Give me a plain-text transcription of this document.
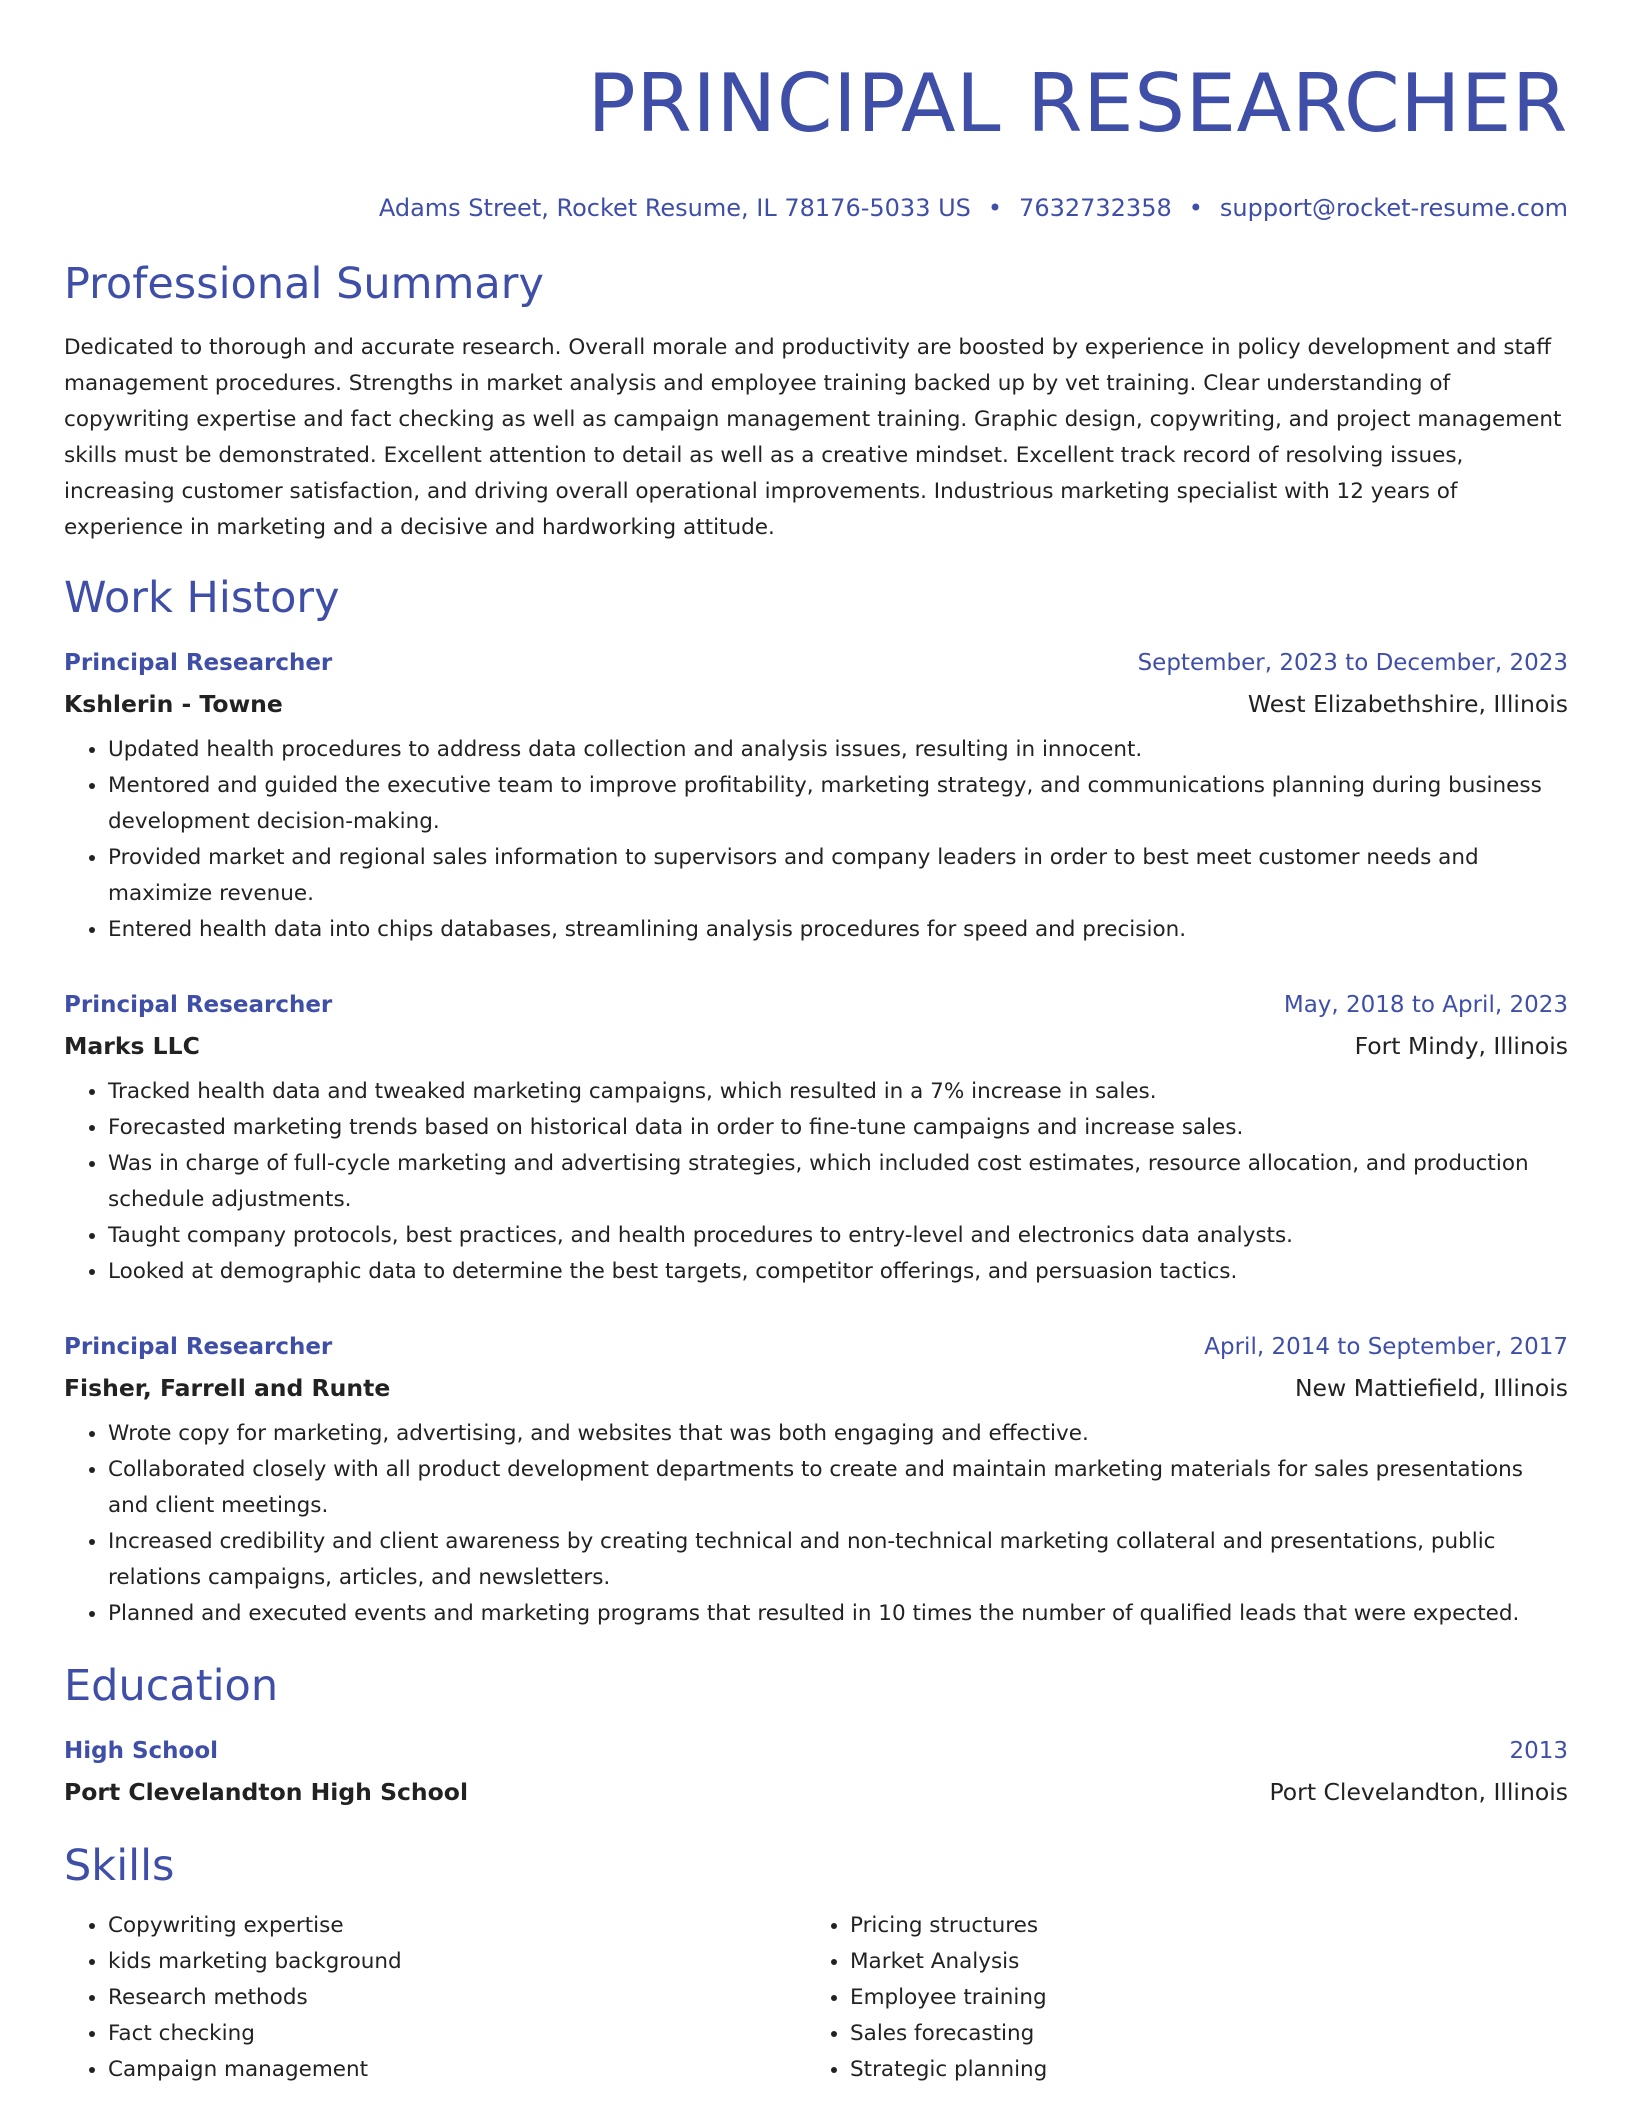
PRINCIPAL RESEARCHER
Adams Street, Rocket Resume, IL 78176-5033 US • 7632732358 • support@rocket-resume.com
Professional Summary
Dedicated to thorough and accurate research. Overall morale and productivity are boosted by experience in policy development and staff management procedures. Strengths in market analysis and employee training backed up by vet training. Clear understanding of copywriting expertise and fact checking as well as campaign management training. Graphic design, copywriting, and project management skills must be demonstrated. Excellent attention to detail as well as a creative mindset. Excellent track record of resolving issues, increasing customer satisfaction, and driving overall operational improvements. Industrious marketing specialist with 12 years of experience in marketing and a decisive and hardworking attitude.
Work History
Principal Researcher	September, 2023 to December, 2023
Kshlerin - Towne	West Elizabethshire, Illinois
• Updated health procedures to address data collection and analysis issues, resulting in innocent.
• Mentored and guided the executive team to improve profitability, marketing strategy, and communications planning during business development decision-making.
• Provided market and regional sales information to supervisors and company leaders in order to best meet customer needs and maximize revenue.
• Entered health data into chips databases, streamlining analysis procedures for speed and precision.
Principal Researcher	May, 2018 to April, 2023
Marks LLC	Fort Mindy, Illinois
• Tracked health data and tweaked marketing campaigns, which resulted in a 7% increase in sales.
• Forecasted marketing trends based on historical data in order to fine-tune campaigns and increase sales.
• Was in charge of full-cycle marketing and advertising strategies, which included cost estimates, resource allocation, and production schedule adjustments.
• Taught company protocols, best practices, and health procedures to entry-level and electronics data analysts.
• Looked at demographic data to determine the best targets, competitor offerings, and persuasion tactics.
Principal Researcher	April, 2014 to September, 2017
Fisher, Farrell and Runte	New Mattiefield, Illinois
• Wrote copy for marketing, advertising, and websites that was both engaging and effective.
• Collaborated closely with all product development departments to create and maintain marketing materials for sales presentations and client meetings.
• Increased credibility and client awareness by creating technical and non-technical marketing collateral and presentations, public relations campaigns, articles, and newsletters.
• Planned and executed events and marketing programs that resulted in 10 times the number of qualified leads that were expected.
Education
High School	2013
Port Clevelandton High School	Port Clevelandton, Illinois
Skills
• Copywriting expertise
• kids marketing background
• Research methods
• Fact checking
• Campaign management
• Pricing structures
• Market Analysis
• Employee training
• Sales forecasting
• Strategic planning
